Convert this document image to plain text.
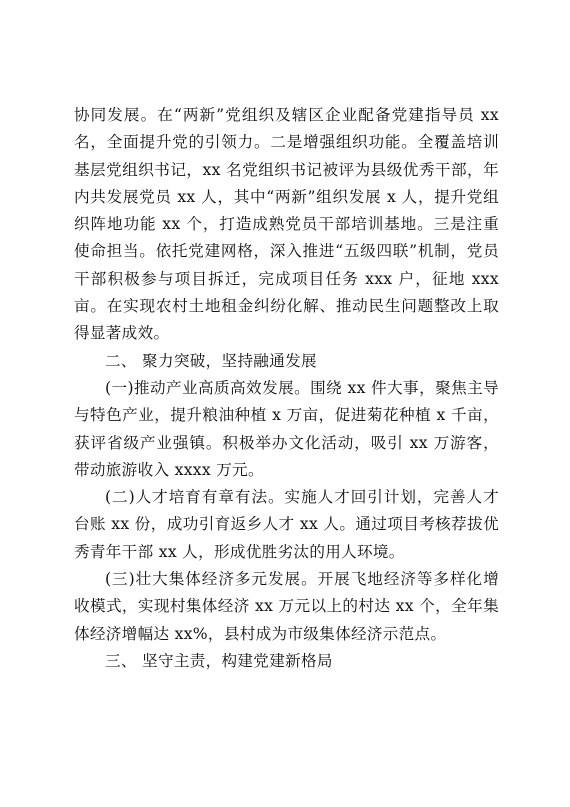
协同发展。在“两新”党组织及辖区企业配备党建指导员 xx 名，全面提升党的引领力。二是增强组织功能。全覆盖培训基层党组织书记，xx 名党组织书记被评为县级优秀干部，年内共发展党员 xx 人，其中“两新”组织发展 x 人，提升党组织阵地功能 xx 个，打造成熟党员干部培训基地。三是注重使命担当。依托党建网格，深入推进“五级四联”机制，党员干部积极参与项目拆迁，完成项目任务 xxx 户，征地 xxx 亩。在实现农村土地租金纠纷化解、推动民生问题整改上取得显著成效。

二、 聚力突破，坚持融通发展

(一)推动产业高质高效发展。围绕 xx 件大事，聚焦主导与特色产业，提升粮油种植 x 万亩，促进菊花种植 x 千亩，获评省级产业强镇。积极举办文化活动，吸引 xx 万游客，带动旅游收入 xxxx 万元。

(二)人才培育有章有法。实施人才回引计划，完善人才台账 xx 份，成功引育返乡人才 xx 人。通过项目考核荐拔优秀青年干部 xx 人，形成优胜劣汰的用人环境。

(三)壮大集体经济多元发展。开展飞地经济等多样化增收模式，实现村集体经济 xx 万元以上的村达 xx 个，全年集体经济增幅达 xx%，县村成为市级集体经济示范点。

三、 坚守主责，构建党建新格局
